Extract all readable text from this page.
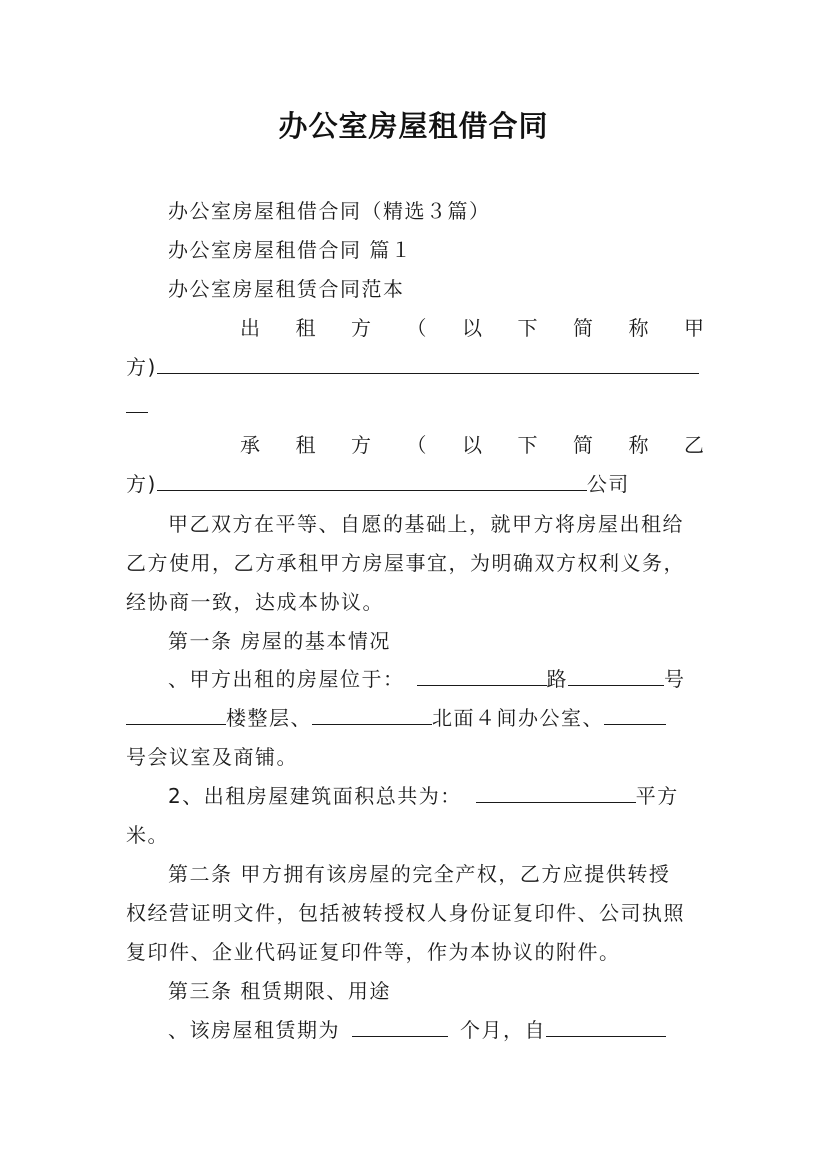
办公室房屋租借合同
办公室房屋租借合同（精选３篇）
办公室房屋租借合同 篇１
办公室房屋租赁合同范本
出 租 方 （ 以 下 简 称 甲
方)
承 租 方 （ 以 下 简 称 乙
方)	公司
甲乙双方在平等、自愿的基础上，就甲方将房屋出租给
乙方使用，乙方承租甲方房屋事宜，为明确双方权利义务，
经协商一致，达成本协议。
第一条 房屋的基本情况
、甲方出租的房屋位于：	路	号
楼整层、	北面４间办公室、
号会议室及商铺。
2、出租房屋建筑面积总共为：	平方
米。
第二条 甲方拥有该房屋的完全产权，乙方应提供转授
权经营证明文件，包括被转授权人身份证复印件、公司执照
复印件、企业代码证复印件等，作为本协议的附件。
第三条 租赁期限、用途
、该房屋租赁期为	个月，自
